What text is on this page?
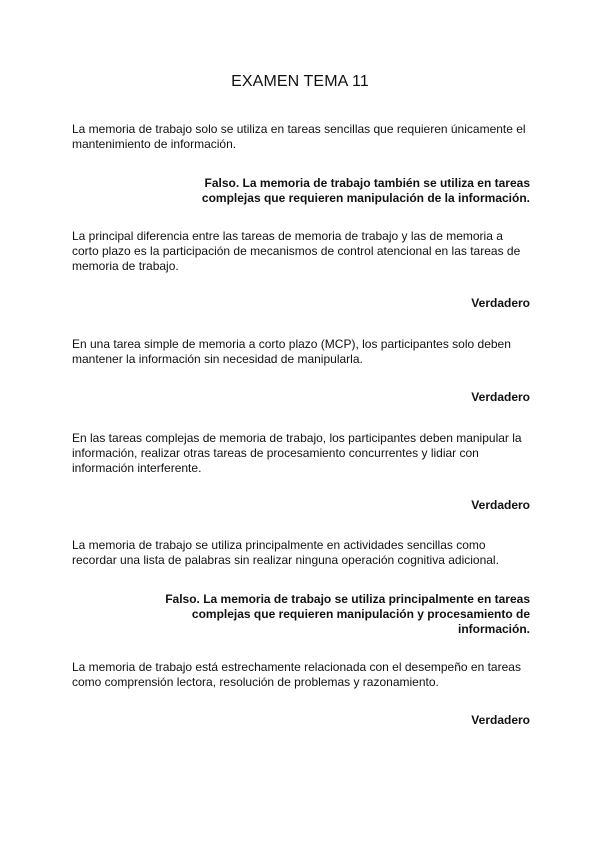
EXAMEN TEMA 11

La memoria de trabajo solo se utiliza en tareas sencillas que requieren únicamente el mantenimiento de información.

Falso. La memoria de trabajo también se utiliza en tareas complejas que requieren manipulación de la información.

La principal diferencia entre las tareas de memoria de trabajo y las de memoria a corto plazo es la participación de mecanismos de control atencional en las tareas de memoria de trabajo.

Verdadero

En una tarea simple de memoria a corto plazo (MCP), los participantes solo deben mantener la información sin necesidad de manipularla.

Verdadero

En las tareas complejas de memoria de trabajo, los participantes deben manipular la información, realizar otras tareas de procesamiento concurrentes y lidiar con información interferente.

Verdadero

La memoria de trabajo se utiliza principalmente en actividades sencillas como recordar una lista de palabras sin realizar ninguna operación cognitiva adicional.

Falso. La memoria de trabajo se utiliza principalmente en tareas complejas que requieren manipulación y procesamiento de información.

La memoria de trabajo está estrechamente relacionada con el desempeño en tareas como comprensión lectora, resolución de problemas y razonamiento.

Verdadero
